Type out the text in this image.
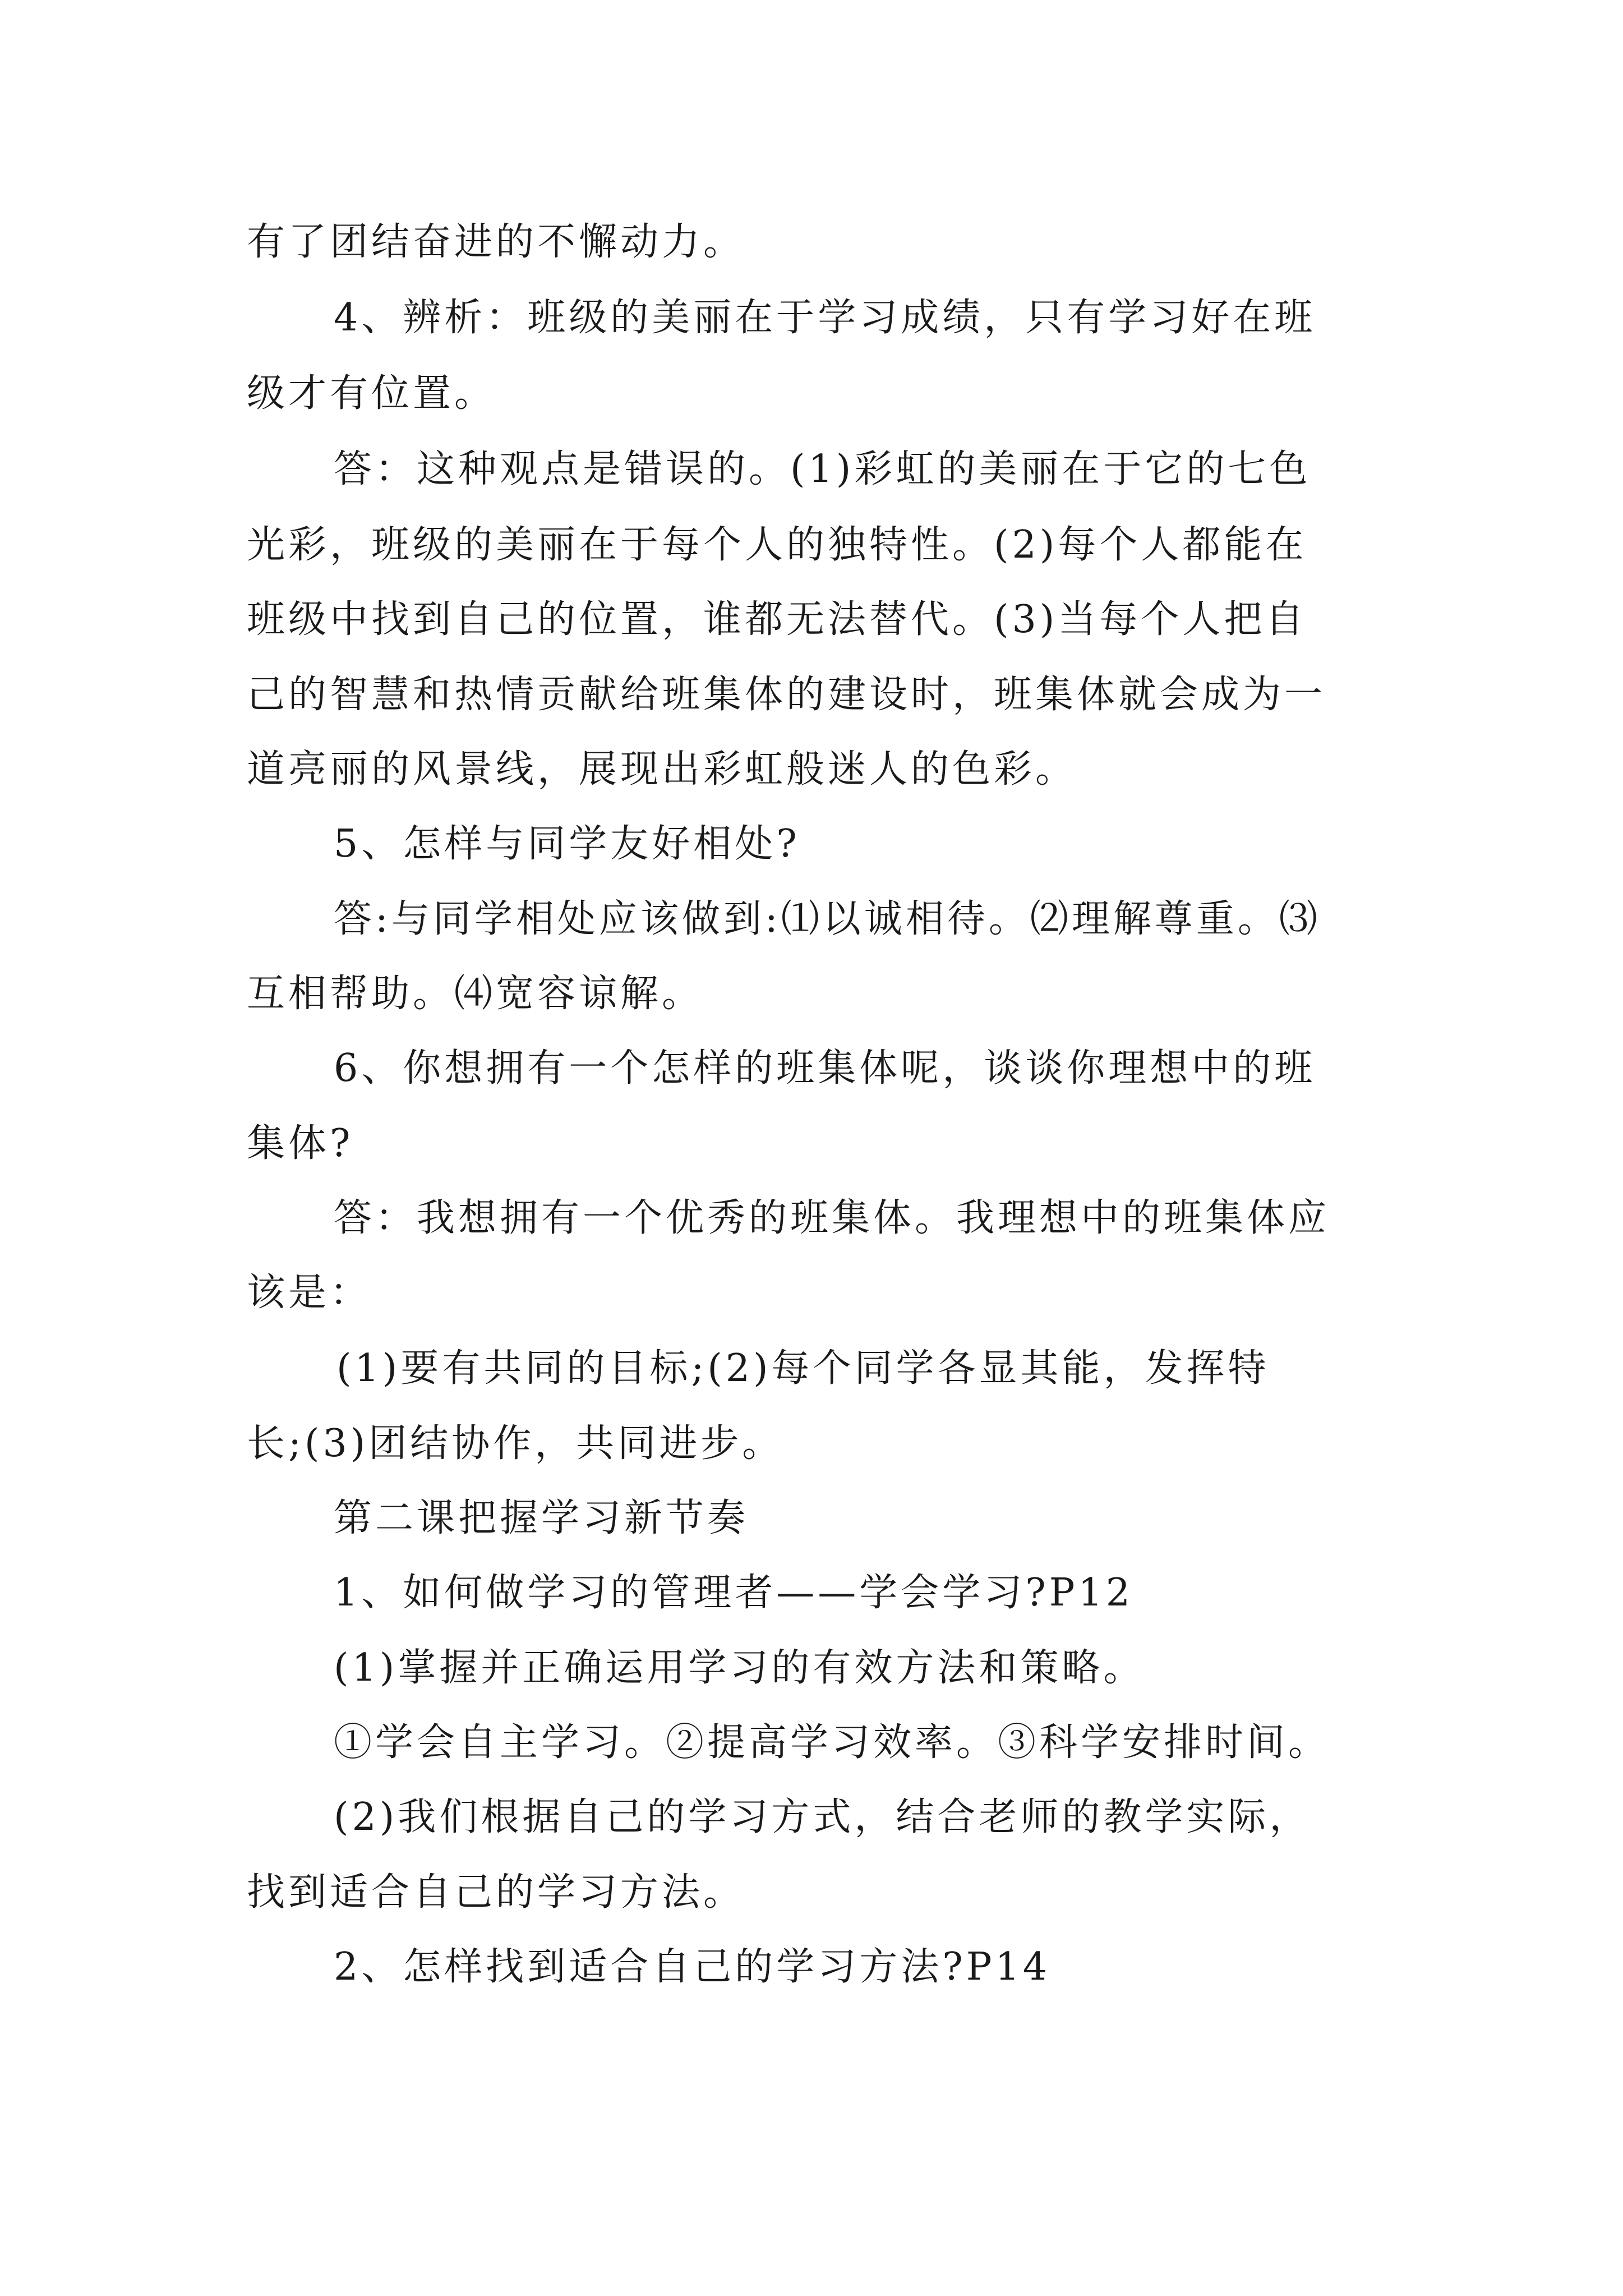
有了团结奋进的不懈动力。
4、辨析：班级的美丽在于学习成绩，只有学习好在班
级才有位置。
答：这种观点是错误的。(1)彩虹的美丽在于它的七色
光彩，班级的美丽在于每个人的独特性。(2)每个人都能在
班级中找到自己的位置，谁都无法替代。(3)当每个人把自
己的智慧和热情贡献给班集体的建设时，班集体就会成为一
道亮丽的风景线，展现出彩虹般迷人的色彩。
5、怎样与同学友好相处?
答:与同学相处应该做到:⑴以诚相待。⑵理解尊重。⑶
互相帮助。⑷宽容谅解。
6、你想拥有一个怎样的班集体呢，谈谈你理想中的班
集体?
答：我想拥有一个优秀的班集体。我理想中的班集体应
该是：
(1)要有共同的目标;(2)每个同学各显其能，发挥特
长;(3)团结协作，共同进步。
第二课把握学习新节奏
1、如何做学习的管理者——学会学习?P12
(1)掌握并正确运用学习的有效方法和策略。
①学会自主学习。②提高学习效率。③科学安排时间。
(2)我们根据自己的学习方式，结合老师的教学实际，
找到适合自己的学习方法。
2、怎样找到适合自己的学习方法?P14
